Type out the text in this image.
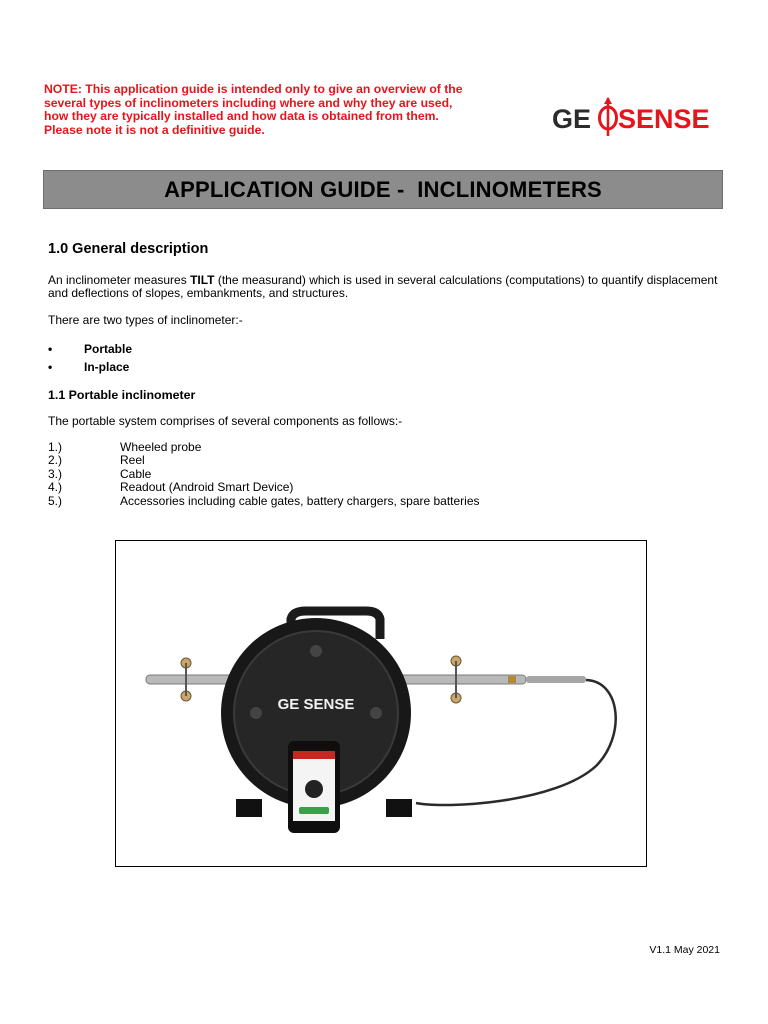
NOTE: This application guide is intended only to give an overview of the several types of inclinometers including where and why they are used, how they are typically installed and how data is obtained from them. Please note it is not a definitive guide.	GE SENSE
APPLICATION GUIDE -  INCLINOMETERS
1.0 General description
An inclinometer measures TILT (the measurand) which is used in several calculations (computations) to quantify displacement and deflections of slopes, embankments, and structures.
There are two types of inclinometer:-
•	Portable
•	In-place
1.1 Portable inclinometer
The portable system comprises of several components as follows:-
1.)	Wheeled probe
2.)	Reel
3.)	Cable
4.)	Readout (Android Smart Device)
5.)	Accessories including cable gates, battery chargers, spare batteries
GE SENSE
V1.1 May 2021
